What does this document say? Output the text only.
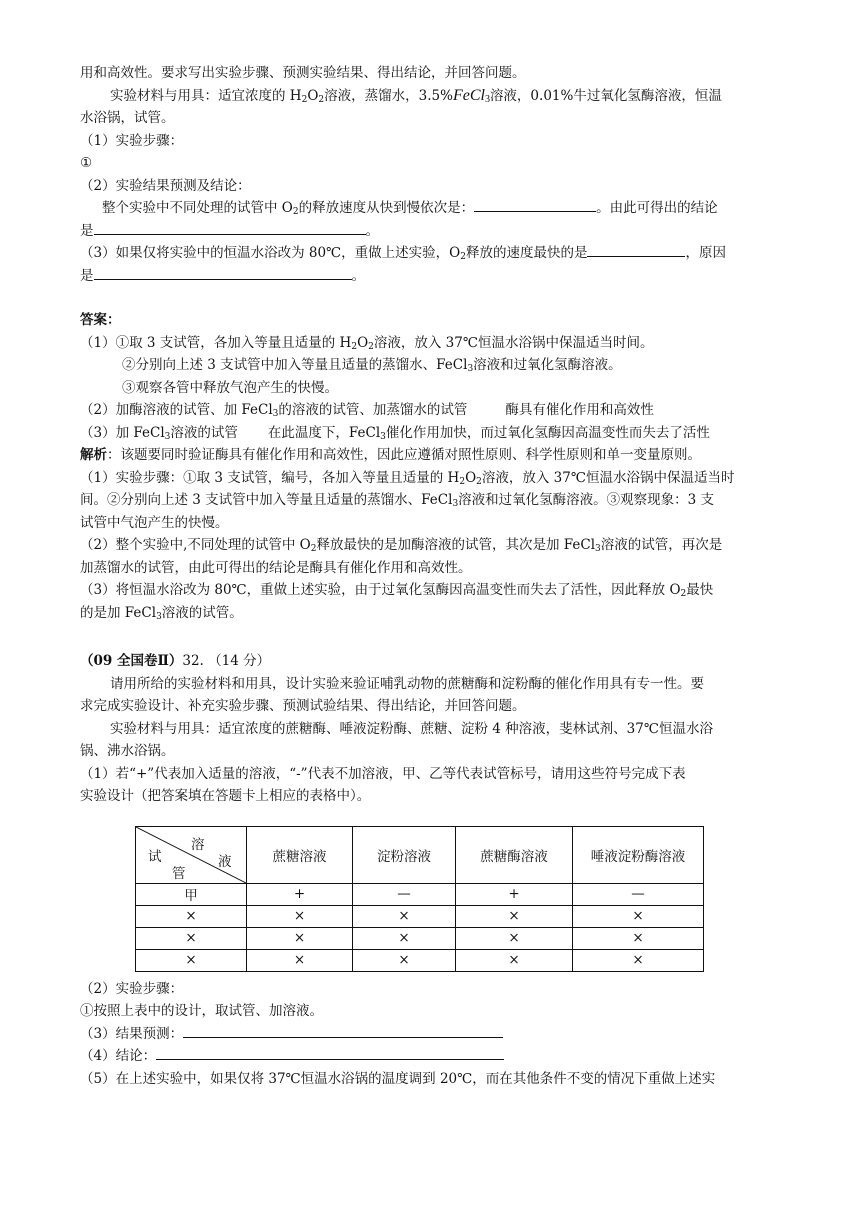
用和高效性。要求写出实验步骤、预测实验结果、得出结论，并回答问题。
实验材料与用具：适宜浓度的 $H_2O_2$溶液，蒸馏水，3.5%FeCl$_3$溶液，0.01%牛过氧化氢酶溶液，恒温
水浴锅，试管。
（1）实验步骤：
①
（2）实验结果预测及结论：
整个实验中不同处理的试管中 $O_2$的释放速度从快到慢依次是：	。由此可得出的结论
是	。
（3）如果仅将实验中的恒温水浴改为 80℃，重做上述实验，$O_2$释放的速度最快的是	，原因
是	。
答案：
（1）①取 3 支试管，各加入等量且适量的 $H_2O_2$溶液，放入 37℃恒温水浴锅中保温适当时间。
②分别向上述 3 支试管中加入等量且适量的蒸馏水、FeCl$_3$溶液和过氧化氢酶溶液。
③观察各管中释放气泡产生的快慢。
（2）加酶溶液的试管、加 FeCl$_3$的溶液的试管、加蒸馏水的试管	酶具有催化作用和高效性
（3）加 FeCl$_3$溶液的试管 在此温度下，FeCl$_3$催化作用加快，而过氧化氢酶因高温变性而失去了活性
解析：该题要同时验证酶具有催化作用和高效性，因此应遵循对照性原则、科学性原则和单一变量原则。
（1）实验步骤：①取 3 支试管，编号，各加入等量且适量的 $H_2O_2$溶液，放入 37℃恒温水浴锅中保温适当时
间。②分别向上述 3 支试管中加入等量且适量的蒸馏水、FeCl$_3$溶液和过氧化氢酶溶液。③观察现象：3 支
试管中气泡产生的快慢。
（2）整个实验中,不同处理的试管中 $O_2$释放最快的是加酶溶液的试管，其次是加 FeCl$_3$溶液的试管，再次是
加蒸馏水的试管，由此可得出的结论是酶具有催化作用和高效性。
（3）将恒温水浴改为 80℃，重做上述实验，由于过氧化氢酶因高温变性而失去了活性，因此释放 $O_2$最快
的是加 FeCl$_3$溶液的试管。
（09 全国卷Ⅱ）32. （14 分）
请用所给的实验材料和用具，设计实验来验证哺乳动物的蔗糖酶和淀粉酶的催化作用具有专一性。要
求完成实验设计、补充实验步骤、预测试验结果、得出结论，并回答问题。
实验材料与用具：适宜浓度的蔗糖酶、唾液淀粉酶、蔗糖、淀粉 4 种溶液，斐林试剂、37℃恒温水浴
锅、沸水浴锅。
（1）若“+”代表加入适量的溶液，“-”代表不加溶液，甲、乙等代表试管标号，请用这些符号完成下表
实验设计（把答案填在答题卡上相应的表格中）。
溶
液
试
管	蔗糖溶液	淀粉溶液	蔗糖酶溶液	唾液淀粉酶溶液
甲	+	—	+	—
×	×	×	×	×
×	×	×	×	×
×	×	×	×	×
（2）实验步骤：
①按照上表中的设计，取试管、加溶液。
（3）结果预测：
（4）结论：
（5）在上述实验中，如果仅将 37℃恒温水浴锅的温度调到 20℃，而在其他条件不变的情况下重做上述实
